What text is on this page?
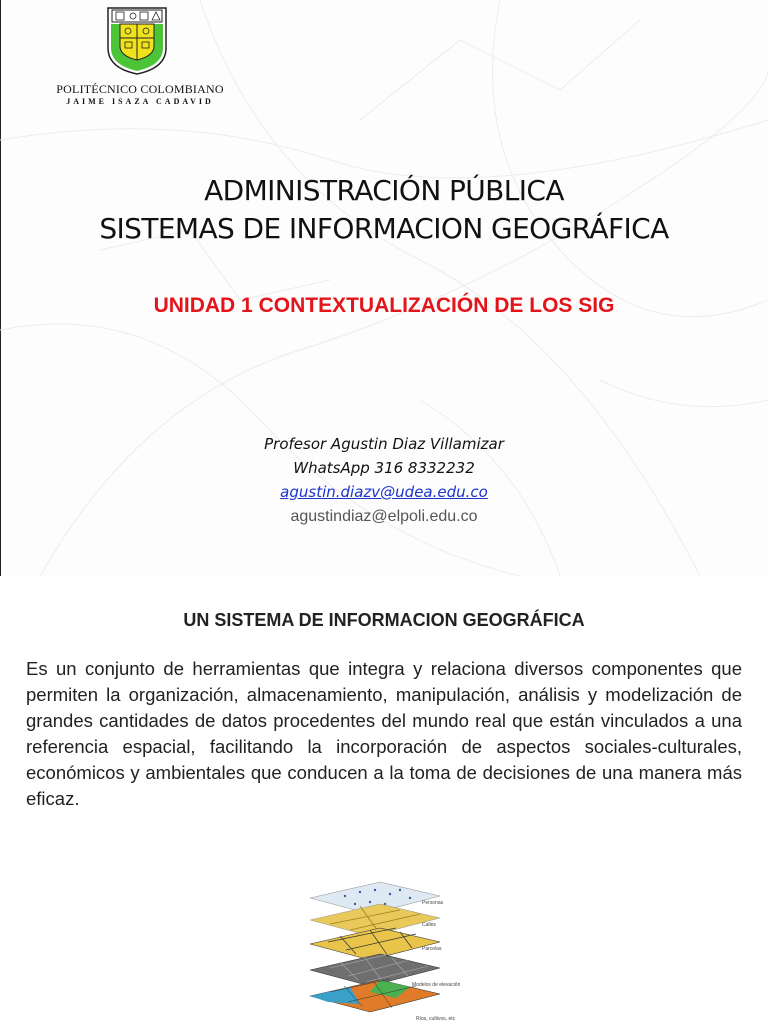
POLITÉCNICO COLOMBIANO
JAIME ISAZA CADAVID
ADMINISTRACIÓN PÚBLICA
SISTEMAS DE INFORMACION GEOGRÁFICA
UNIDAD 1 CONTEXTUALIZACIÓN DE LOS SIG
Profesor Agustin Diaz Villamizar
WhatsApp 316 8332232
agustin.diazv@udea.edu.co
agustindiaz@elpoli.edu.co
UN SISTEMA DE INFORMACION GEOGRÁFICA
Es un conjunto de herramientas que integra y relaciona diversos componentes que permiten la organización, almacenamiento, manipulación, análisis y modelización de grandes cantidades de datos procedentes del mundo real que están vinculados a una referencia espacial, facilitando la incorporación de aspectos sociales-culturales, económicos y ambientales que conducen a la toma de decisiones de una manera más eficaz.
Personas
Calles
Parcelas
Modelos de elevación
Ríos, cultivos, etc
